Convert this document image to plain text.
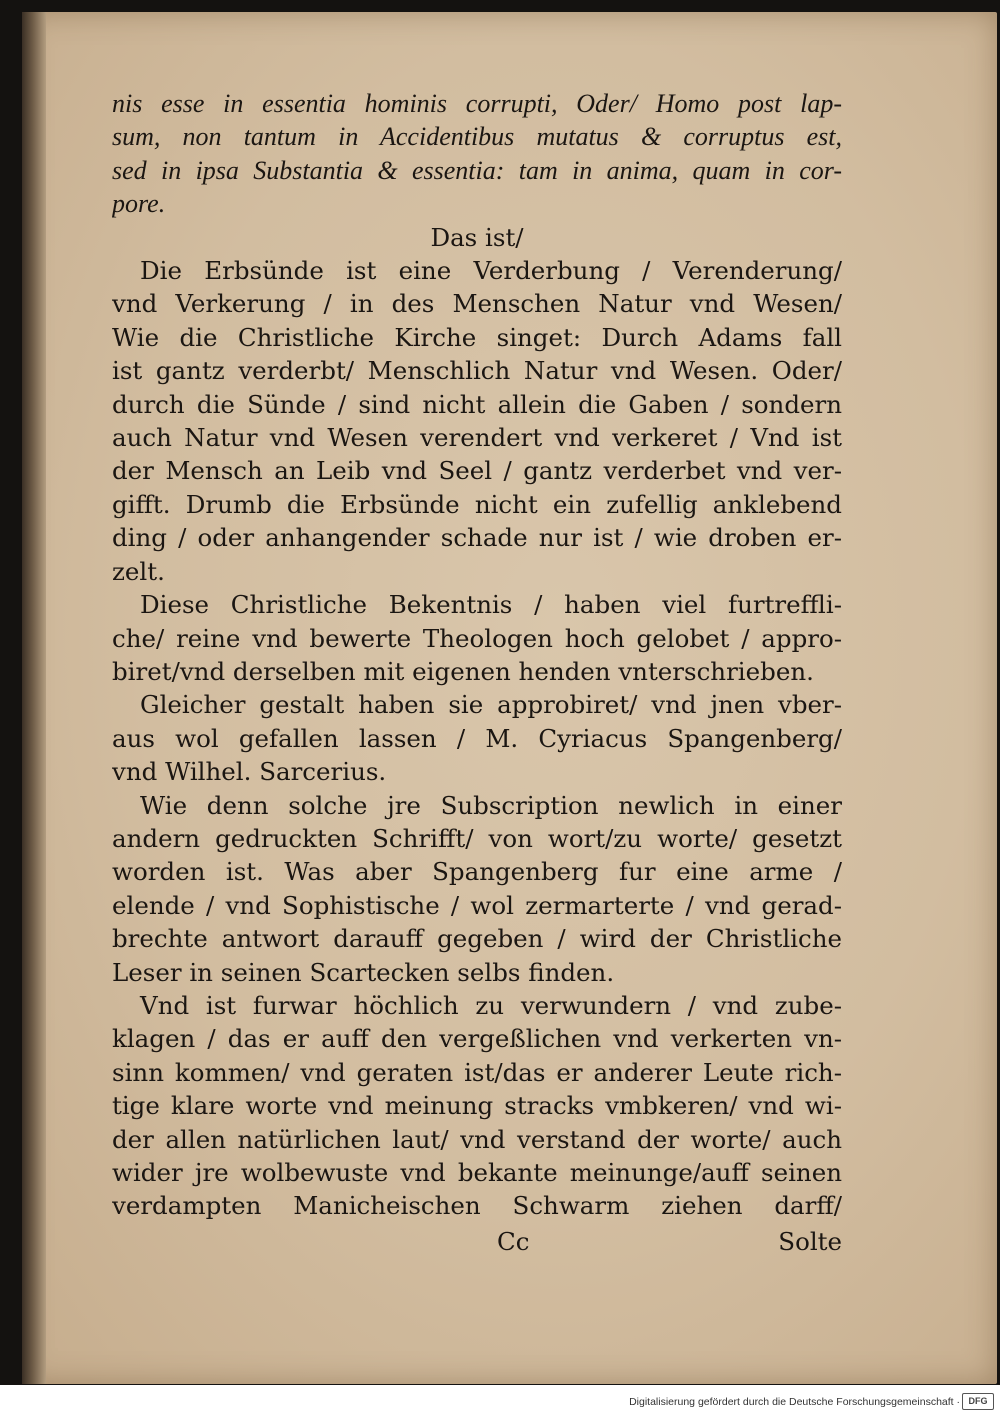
nis esse in essentia hominis corrupti, Oder/ Homo post lap-
sum, non tantum in Accidentibus mutatus & corruptus est,
sed in ipsa Substantia & essentia: tam in anima, quam in cor-
pore.
Das ist/
Die Erbsünde ist eine Verderbung / Verenderung/
vnd Verkerung / in des Menschen Natur vnd Wesen/
Wie die Christliche Kirche singet: Durch Adams fall
ist gantz verderbt/ Menschlich Natur vnd Wesen. Oder/
durch die Sünde / sind nicht allein die Gaben / sondern
auch Natur vnd Wesen verendert vnd verkeret / Vnd ist
der Mensch an Leib vnd Seel / gantz verderbet vnd ver-
gifft. Drumb die Erbsünde nicht ein zufellig anklebend
ding / oder anhangender schade nur ist / wie droben er-
zelt.
Diese Christliche Bekentnis / haben viel furtreffli-
che/ reine vnd bewerte Theologen hoch gelobet / appro-
biret/vnd derselben mit eigenen henden vnterschrieben.
Gleicher gestalt haben sie approbiret/ vnd jnen vber-
aus wol gefallen lassen / M. Cyriacus Spangenberg/
vnd Wilhel. Sarcerius.
Wie denn solche jre Subscription newlich in einer
andern gedruckten Schrifft/ von wort/zu worte/ gesetzt
worden ist. Was aber Spangenberg fur eine arme /
elende / vnd Sophistische / wol zermarterte / vnd gerad-
brechte antwort darauff gegeben / wird der Christliche
Leser in seinen Scartecken selbs finden.
Vnd ist furwar höchlich zu verwundern / vnd zube-
klagen / das er auff den vergeßlichen vnd verkerten vn-
sinn kommen/ vnd geraten ist/das er anderer Leute rich-
tige klare worte vnd meinung stracks vmbkeren/ vnd wi-
der allen natürlichen laut/ vnd verstand der worte/ auch
wider jre wolbewuste vnd bekante meinunge/auff seinen
verdampten Manicheischen Schwarm ziehen darff/
Cc	Solte
Digitalisierung gefördert durch die Deutsche Forschungsgemeinschaft · DFG
